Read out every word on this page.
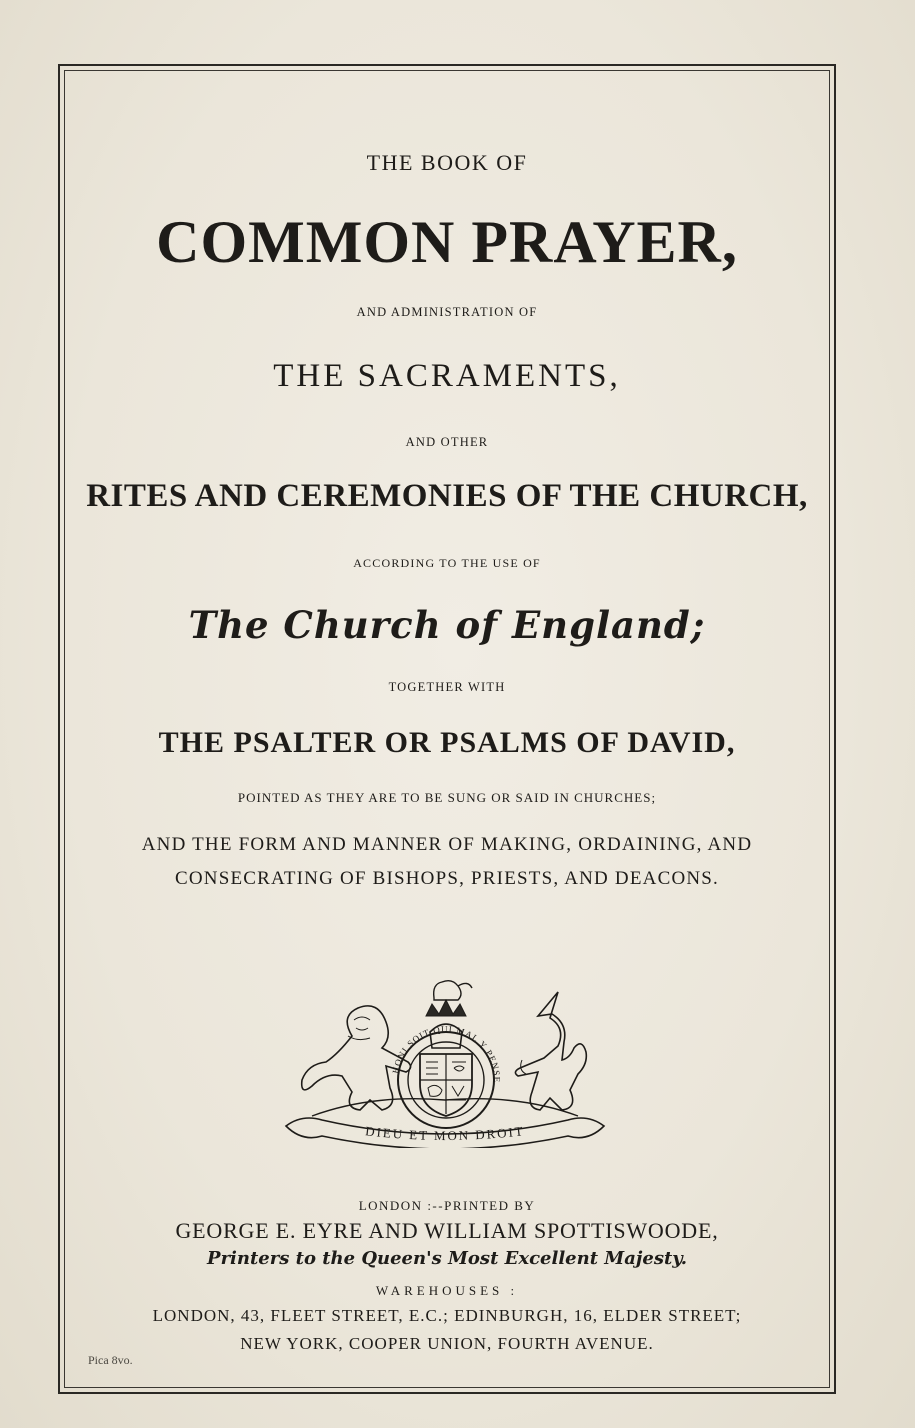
THE BOOK OF
COMMON PRAYER,
AND ADMINISTRATION OF
THE SACRAMENTS,
AND OTHER
RITES AND CEREMONIES OF THE CHURCH,
ACCORDING TO THE USE OF
The Church of England;
TOGETHER WITH
THE PSALTER OR PSALMS OF DAVID,
POINTED AS THEY ARE TO BE SUNG OR SAID IN CHURCHES;
AND THE FORM AND MANNER OF MAKING, ORDAINING, AND
CONSECRATING OF BISHOPS, PRIESTS, AND DEACONS.
HONI SOIT QUI MAL Y PENSE
DIEU ET MON DROIT
LONDON :--PRINTED BY
GEORGE E. EYRE AND WILLIAM SPOTTISWOODE,
Printers to the Queen's Most Excellent Majesty.
WAREHOUSES :
LONDON, 43, FLEET STREET, E.C.; EDINBURGH, 16, ELDER STREET;
NEW YORK, COOPER UNION, FOURTH AVENUE.
Pica 8vo.
